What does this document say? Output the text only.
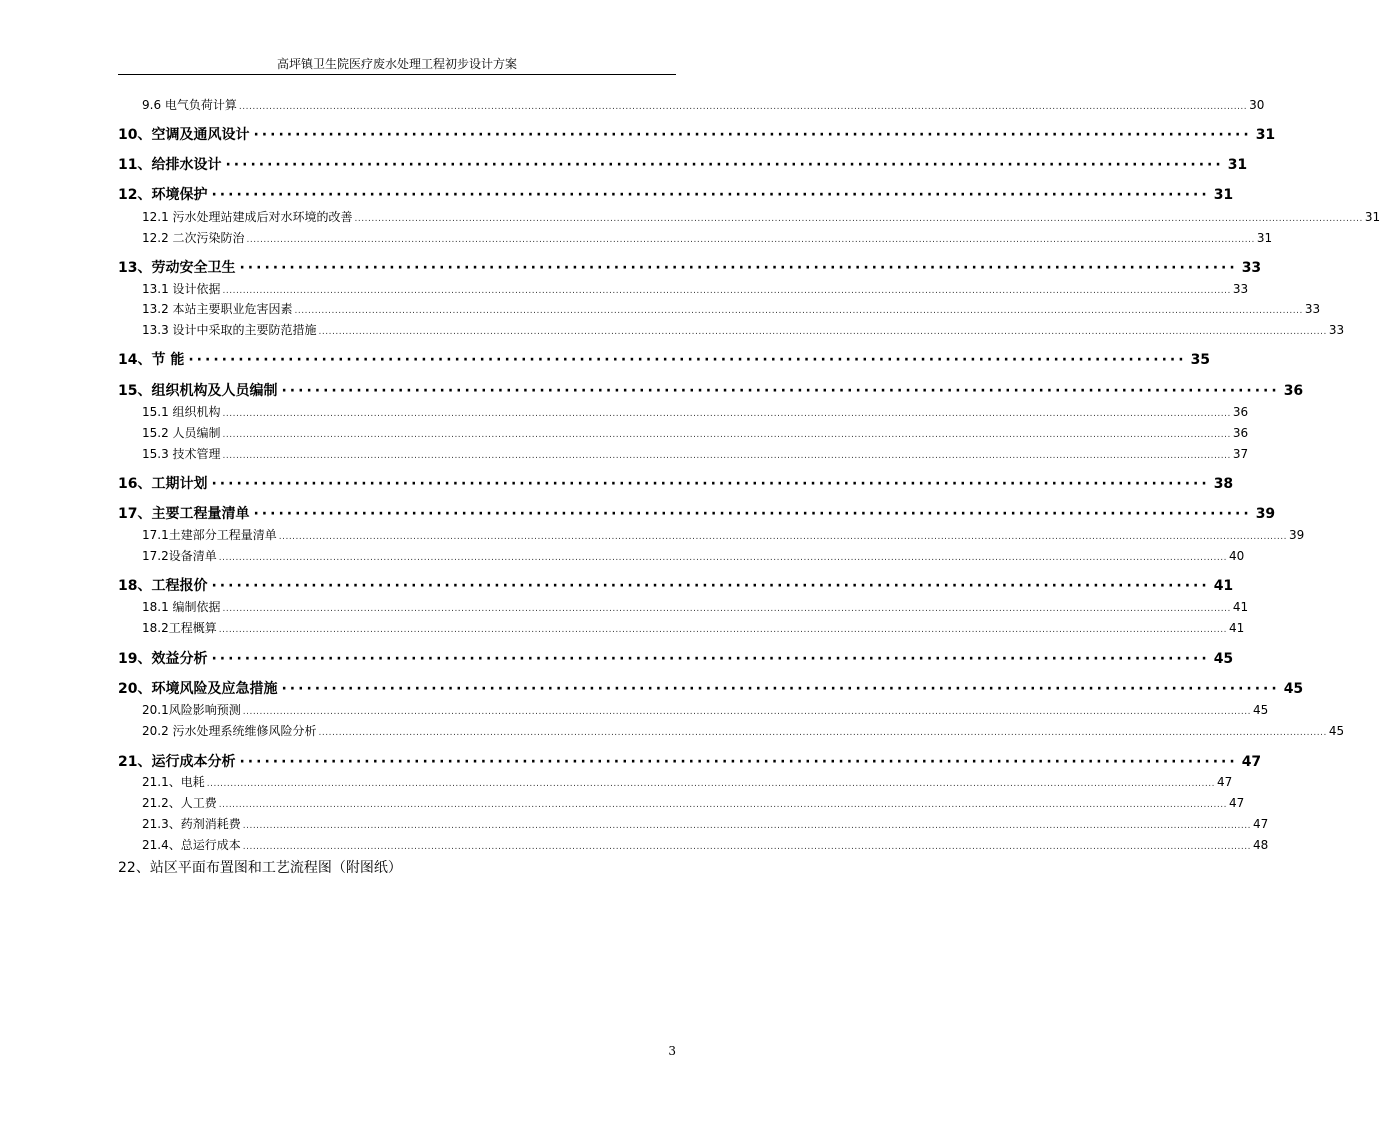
高坪镇卫生院医疗废水处理工程初步设计方案
9.6 电气负荷计算 ............................................................................................................................................................................................................................................................................................................ 30
10、空调及通风设计 ························································································································ 31
11、给排水设计 ························································································································ 31
12、环境保护 ························································································································ 31
12.1 污水处理站建成后对水环境的改善 ............................................................................................................................................................................................................................................................................................................ 31
12.2 二次污染防治 ............................................................................................................................................................................................................................................................................................................ 31
13、劳动安全卫生 ························································································································ 33
13.1 设计依据 ............................................................................................................................................................................................................................................................................................................ 33
13.2 本站主要职业危害因素 ............................................................................................................................................................................................................................................................................................................ 33
13.3 设计中采取的主要防范措施 ............................................................................................................................................................................................................................................................................................................ 33
14、节 能 ························································································································ 35
15、组织机构及人员编制 ························································································································ 36
15.1 组织机构 ............................................................................................................................................................................................................................................................................................................ 36
15.2 人员编制 ............................................................................................................................................................................................................................................................................................................ 36
15.3 技术管理 ............................................................................................................................................................................................................................................................................................................ 37
16、工期计划 ························································································································ 38
17、主要工程量清单 ························································································································ 39
17.1土建部分工程量清单 ............................................................................................................................................................................................................................................................................................................ 39
17.2设备清单 ............................................................................................................................................................................................................................................................................................................ 40
18、工程报价 ························································································································ 41
18.1 编制依据 ............................................................................................................................................................................................................................................................................................................ 41
18.2工程概算 ............................................................................................................................................................................................................................................................................................................ 41
19、效益分析 ························································································································ 45
20、环境风险及应急措施 ························································································································ 45
20.1风险影响预测 ............................................................................................................................................................................................................................................................................................................ 45
20.2 污水处理系统维修风险分析 ............................................................................................................................................................................................................................................................................................................ 45
21、运行成本分析 ························································································································ 47
21.1、电耗 ............................................................................................................................................................................................................................................................................................................ 47
21.2、人工费 ............................................................................................................................................................................................................................................................................................................ 47
21.3、药剂消耗费 ............................................................................................................................................................................................................................................................................................................ 47
21.4、总运行成本 ............................................................................................................................................................................................................................................................................................................ 48
22、站区平面布置图和工艺流程图（附图纸）
3
